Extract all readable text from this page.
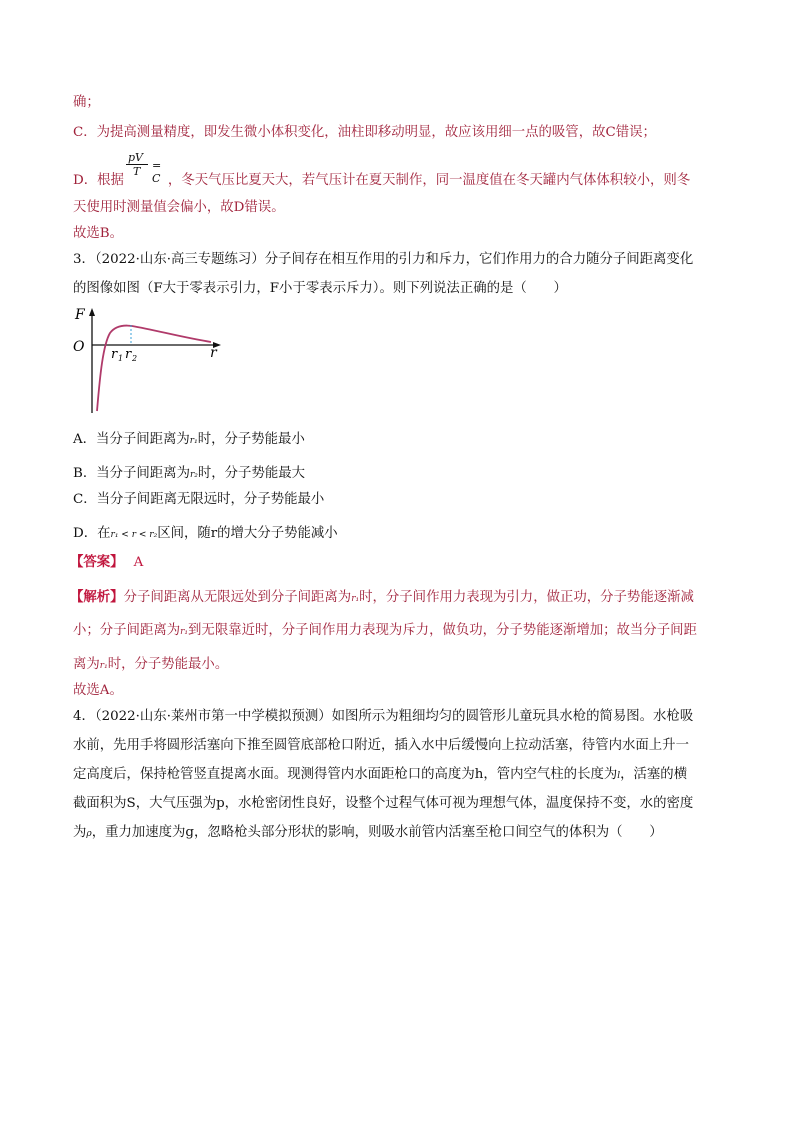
确；
C．为提高测量精度，即发生微小体积变化，油柱即移动明显，故应该用细一点的吸管，故C错误；
D．根据	，冬天气压比夏天大，若气压计在夏天制作，同一温度值在冬天罐内气体体积较小，则冬
pV
T = C
天使用时测量值会偏小，故D错误。
故选B。
3．（2022·山东·高三专题练习）分子间存在相互作用的引力和斥力，它们作用力的合力随分子间距离变化
的图像如图（F大于零表示引力，F小于零表示斥力）。则下列说法正确的是（　　）
F
O	r
r 1 r 2
A．当分子间距离为r₁时，分子势能最小
B．当分子间距离为r₂时，分子势能最大
C．当分子间距离无限远时，分子势能最小
D．在r₁ < r < r₂区间，随r的增大分子势能减小
【答案】 A
【解析】分子间距离从无限远处到分子间距离为r₁时，分子间作用力表现为引力，做正功，分子势能逐渐减
小；分子间距离为r₁到无限靠近时，分子间作用力表现为斥力，做负功，分子势能逐渐增加；故当分子间距
离为r₁时，分子势能最小。
故选A。
4．（2022·山东·莱州市第一中学模拟预测）如图所示为粗细均匀的圆管形儿童玩具水枪的简易图。水枪吸
水前，先用手将圆形活塞向下推至圆管底部枪口附近，插入水中后缓慢向上拉动活塞，待管内水面上升一
定高度后，保持枪管竖直提离水面。现测得管内水面距枪口的高度为h，管内空气柱的长度为l，活塞的横
截面积为S，大气压强为p，水枪密闭性良好，设整个过程气体可视为理想气体，温度保持不变，水的密度
为ρ，重力加速度为g，忽略枪头部分形状的影响，则吸水前管内活塞至枪口间空气的体积为（　　）
